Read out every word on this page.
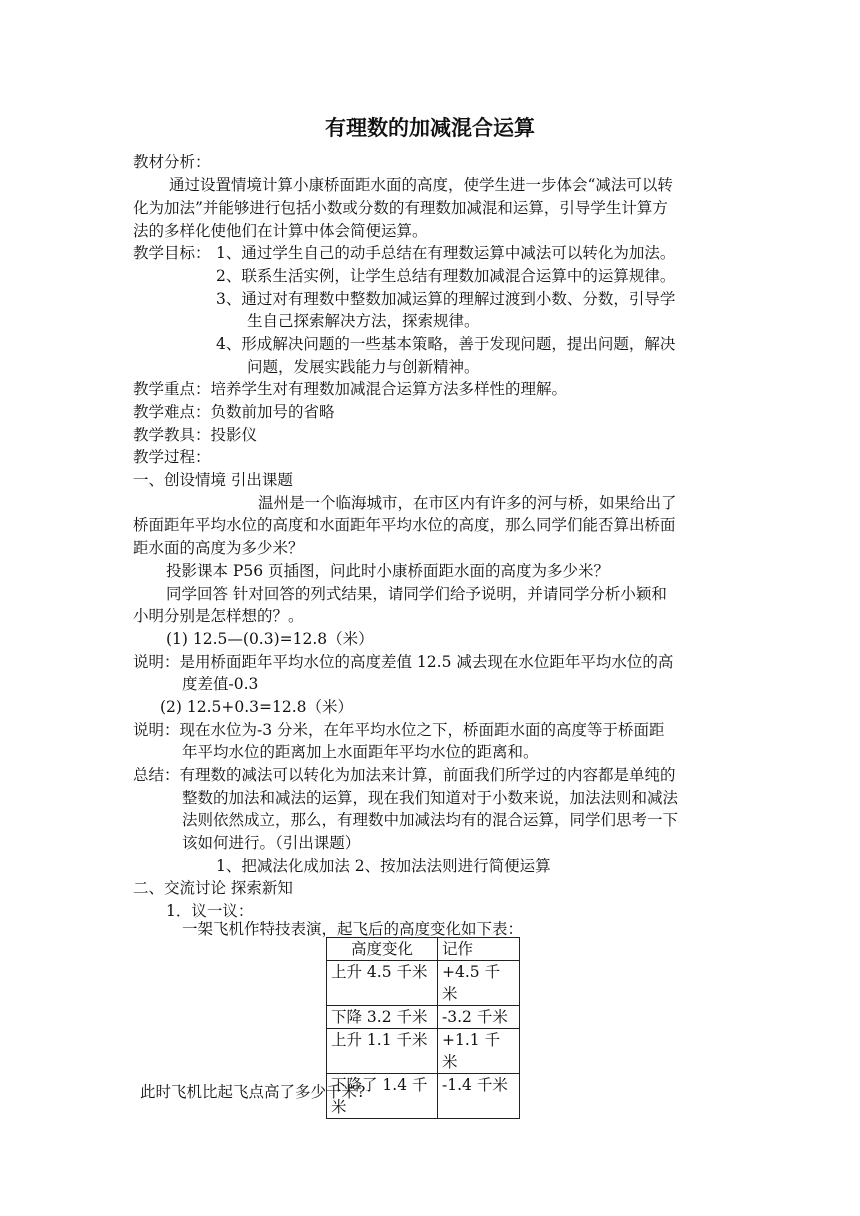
有理数的加减混合运算
教材分析：
通过设置情境计算小康桥面距水面的高度，使学生进一步体会“减法可以转
化为加法”并能够进行包括小数或分数的有理数加减混和运算，引导学生计算方
法的多样化使他们在计算中体会简便运算。
教学目标： 1、通过学生自己的动手总结在有理数运算中减法可以转化为加法。
2、联系生活实例，让学生总结有理数加减混合运算中的运算规律。
3、通过对有理数中整数加减运算的理解过渡到小数、分数，引导学
生自己探索解决方法，探索规律。
4、形成解决问题的一些基本策略，善于发现问题，提出问题，解决
问题，发展实践能力与创新精神。
教学重点：培养学生对有理数加减混合运算方法多样性的理解。
教学难点：负数前加号的省略
教学教具：投影仪
教学过程：
一、创设情境 引出课题
温州是一个临海城市，在市区内有许多的河与桥，如果给出了
桥面距年平均水位的高度和水面距年平均水位的高度，那么同学们能否算出桥面
距水面的高度为多少米？
投影课本 P56 页插图，问此时小康桥面距水面的高度为多少米？
同学回答 针对回答的列式结果，请同学们给予说明，并请同学分析小颖和
小明分别是怎样想的？。
(1) 12.5—(0.3)=12.8（米）
说明：是用桥面距年平均水位的高度差值 12.5 减去现在水位距年平均水位的高
度差值-0.3
(2) 12.5+0.3=12.8（米）
说明：现在水位为-3 分米，在年平均水位之下，桥面距水面的高度等于桥面距
年平均水位的距离加上水面距年平均水位的距离和。
总结：有理数的减法可以转化为加法来计算，前面我们所学过的内容都是单纯的
整数的加法和减法的运算，现在我们知道对于小数来说，加法法则和减法
法则依然成立，那么，有理数中加减法均有的混合运算，同学们思考一下
该如何进行。（引出课题）
1、把减法化成加法 2、按加法法则进行简便运算
二、交流讨论 探索新知
1．议一议：
一架飞机作特技表演，起飞后的高度变化如下表：
高度变化	记作
上升 4.5 千米	+4.5 千米
下降 3.2 千米	-3.2 千米
上升 1.1 千米	+1.1 千米
下降了 1.4 千米	-1.4 千米
此时飞机比起飞点高了多少千米?
